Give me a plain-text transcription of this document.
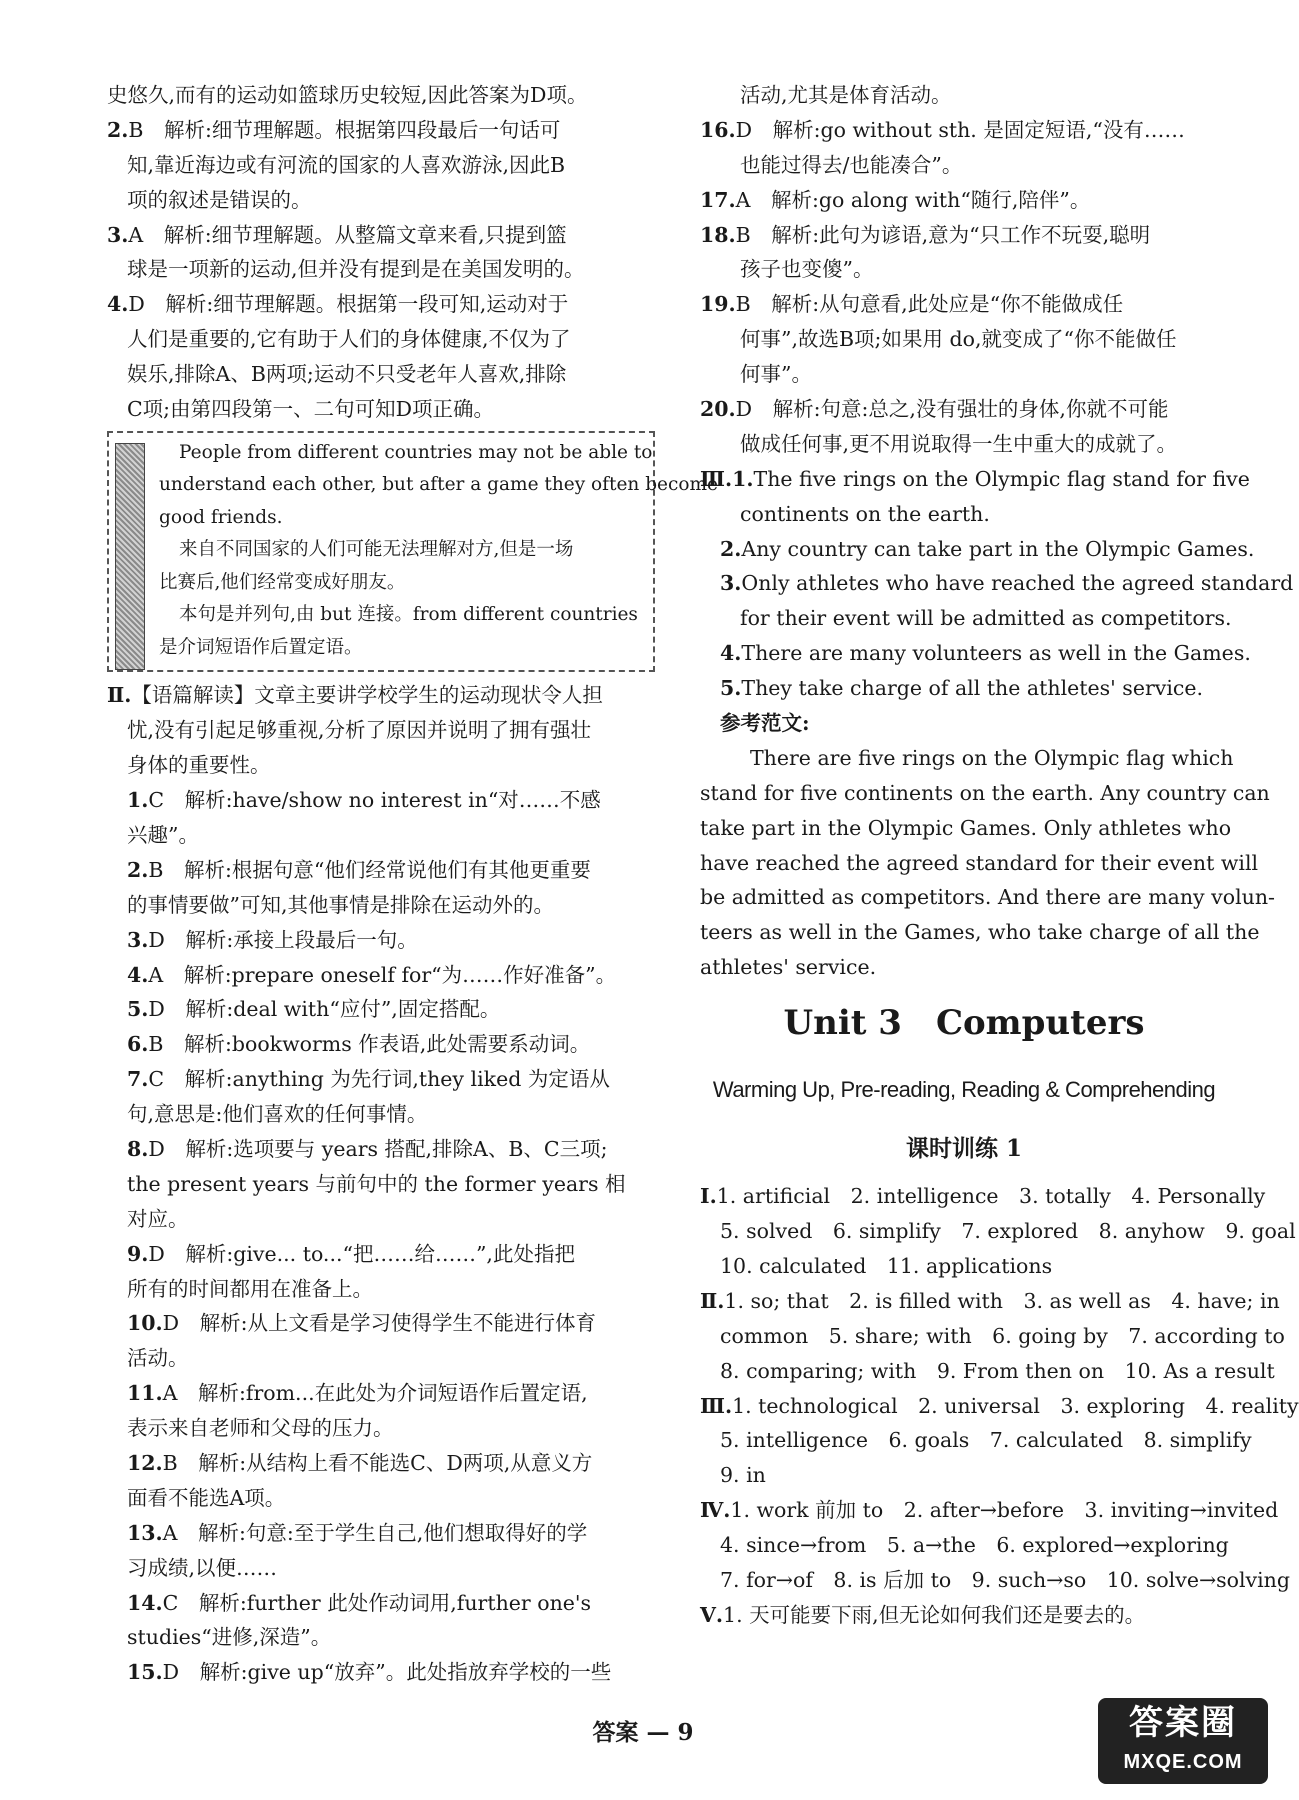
史悠久,而有的运动如篮球历史较短,因此答案为D项。
2.B　解析:细节理解题。根据第四段最后一句话可
知,靠近海边或有河流的国家的人喜欢游泳,因此B
项的叙述是错误的。
3.A　解析:细节理解题。从整篇文章来看,只提到篮
球是一项新的运动,但并没有提到是在美国发明的。
4.D　解析:细节理解题。根据第一段可知,运动对于
人们是重要的,它有助于人们的身体健康,不仅为了
娱乐,排除A、B两项;运动不只受老年人喜欢,排除
C项;由第四段第一、二句可知D项正确。
People from different countries may not be able to
understand each other, but after a game they often become
good friends.
来自不同国家的人们可能无法理解对方,但是一场
比赛后,他们经常变成好朋友。
本句是并列句,由 but 连接。from different countries
是介词短语作后置定语。
Ⅱ.【语篇解读】文章主要讲学校学生的运动现状令人担
忧,没有引起足够重视,分析了原因并说明了拥有强壮
身体的重要性。
1.C　解析:have/show no interest in“对……不感
兴趣”。
2.B　解析:根据句意“他们经常说他们有其他更重要
的事情要做”可知,其他事情是排除在运动外的。
3.D　解析:承接上段最后一句。
4.A　解析:prepare oneself for“为……作好准备”。
5.D　解析:deal with“应付”,固定搭配。
6.B　解析:bookworms 作表语,此处需要系动词。
7.C　解析:anything 为先行词,they liked 为定语从
句,意思是:他们喜欢的任何事情。
8.D　解析:选项要与 years 搭配,排除A、B、C三项;
the present years 与前句中的 the former years 相
对应。
9.D　解析:give... to...“把……给……”,此处指把
所有的时间都用在准备上。
10.D　解析:从上文看是学习使得学生不能进行体育
活动。
11.A　解析:from...在此处为介词短语作后置定语,
表示来自老师和父母的压力。
12.B　解析:从结构上看不能选C、D两项,从意义方
面看不能选A项。
13.A　解析:句意:至于学生自己,他们想取得好的学
习成绩,以便……
14.C　解析:further 此处作动词用,further one's
studies“进修,深造”。
15.D　解析:give up“放弃”。此处指放弃学校的一些
活动,尤其是体育活动。
16.D　解析:go without sth. 是固定短语,“没有……
也能过得去/也能凑合”。
17.A　解析:go along with“随行,陪伴”。
18.B　解析:此句为谚语,意为“只工作不玩耍,聪明
孩子也变傻”。
19.B　解析:从句意看,此处应是“你不能做成任
何事”,故选B项;如果用 do,就变成了“你不能做任
何事”。
20.D　解析:句意:总之,没有强壮的身体,你就不可能
做成任何事,更不用说取得一生中重大的成就了。
Ⅲ.1.The five rings on the Olympic flag stand for five
continents on the earth.
2.Any country can take part in the Olympic Games.
3.Only athletes who have reached the agreed standard
for their event will be admitted as competitors.
4.There are many volunteers as well in the Games.
5.They take charge of all the athletes' service.
参考范文:
There are five rings on the Olympic flag which
stand for five continents on the earth. Any country can
take part in the Olympic Games. Only athletes who
have reached the agreed standard for their event will
be admitted as competitors. And there are many volun-
teers as well in the Games, who take charge of all the
athletes' service.
Unit 3　Computers
Warming Up, Pre-reading, Reading & Comprehending
课时训练 1
Ⅰ.1. artificial　2. intelligence　3. totally　4. Personally
5. solved　6. simplify　7. explored　8. anyhow　9. goal
10. calculated　11. applications
Ⅱ.1. so; that　2. is filled with　3. as well as　4. have; in
common　5. share; with　6. going by　7. according to
8. comparing; with　9. From then on　10. As a result
Ⅲ.1. technological　2. universal　3. exploring　4. reality
5. intelligence　6. goals　7. calculated　8. simplify
9. in
Ⅳ.1. work 前加 to　2. after→before　3. inviting→invited
4. since→from　5. a→the　6. explored→exploring
7. for→of　8. is 后加 to　9. such→so　10. solve→solving
Ⅴ.1. 天可能要下雨,但无论如何我们还是要去的。
答案 — 9	答案圈
MXQE.COM
